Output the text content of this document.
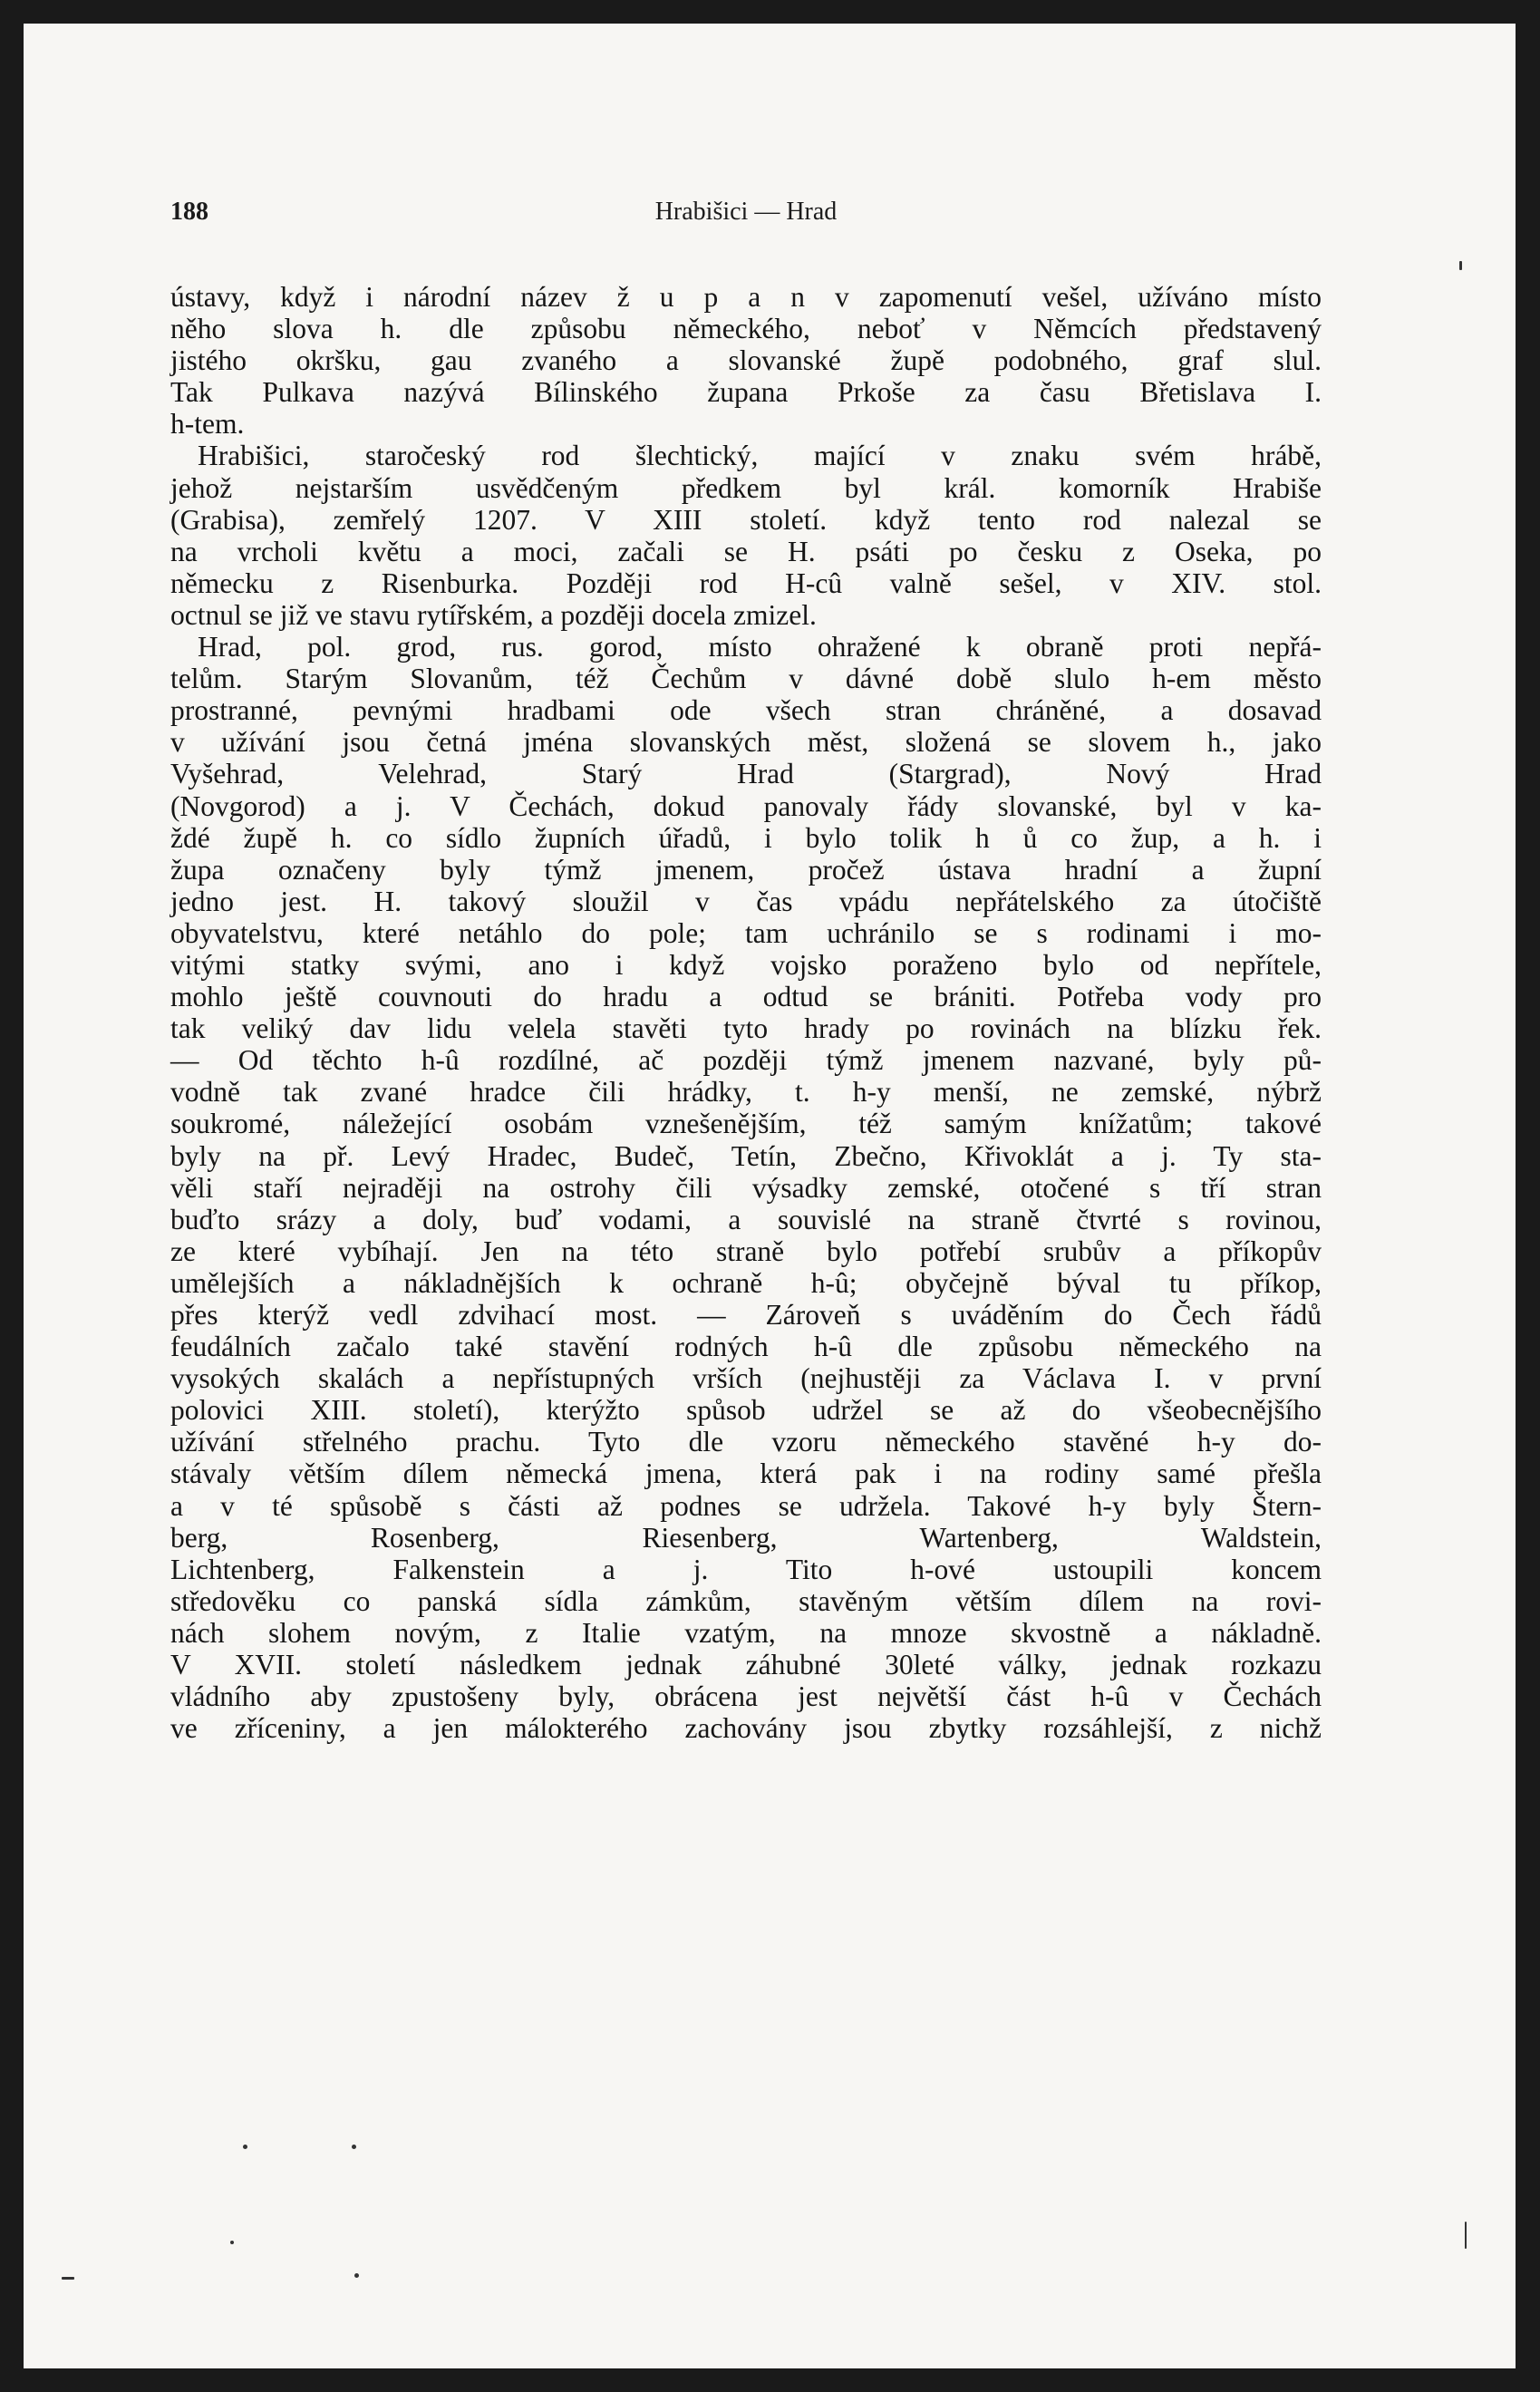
188	Hrabišici — Hrad
ústavy, když i národní název ž u p a n v zapomenutí vešel, užíváno místo
něho slova h. dle způsobu německého, neboť v Němcích představený
jistého okršku, gau zvaného a slovanské župě podobného, graf slul.
Tak Pulkava nazývá Bílinského župana Prkoše za času Břetislava I.
h-tem.
Hrabišici, staročeský rod šlechtický, mající v znaku svém hrábě,
jehož nejstarším usvědčeným předkem byl král. komorník Hrabiše
(Grabisa), zemřelý 1207. V XIII století. když tento rod nalezal se
na vrcholi květu a moci, začali se H. psáti po česku z Oseka, po
německu z Risenburka. Později rod H-cû valně sešel, v XIV. stol.
octnul se již ve stavu rytířském, a později docela zmizel.
Hrad, pol. grod, rus. gorod, místo ohražené k obraně proti nepřá-
telům. Starým Slovanům, též Čechům v dávné době slulo h-em město
prostranné, pevnými hradbami ode všech stran chráněné, a dosavad
v užívání jsou četná jména slovanských měst, složená se slovem h., jako
Vyšehrad, Velehrad, Starý Hrad (Stargrad), Nový Hrad
(Novgorod) a j. V Čechách, dokud panovaly řády slovanské, byl v ka-
ždé župě h. co sídlo župních úřadů, i bylo tolik h ů co žup, a h. i
župa označeny byly týmž jmenem, pročež ústava hradní a župní
jedno jest. H. takový sloužil v čas vpádu nepřátelského za útočiště
obyvatelstvu, které netáhlo do pole; tam uchránilo se s rodinami i mo-
vitými statky svými, ano i když vojsko poraženo bylo od nepřítele,
mohlo ještě couvnouti do hradu a odtud se brániti. Potřeba vody pro
tak veliký dav lidu velela stavěti tyto hrady po rovinách na blízku řek.
— Od těchto h-û rozdílné, ač později týmž jmenem nazvané, byly pů-
vodně tak zvané hradce čili hrádky, t. h-y menší, ne zemské, nýbrž
soukromé, náležející osobám vznešenějším, též samým knížatům; takové
byly na př. Levý Hradec, Budeč, Tetín, Zbečno, Křivoklát a j. Ty sta-
věli staří nejraději na ostrohy čili výsadky zemské, otočené s tří stran
buďto srázy a doly, buď vodami, a souvislé na straně čtvrté s rovinou,
ze které vybíhají. Jen na této straně bylo potřebí srubův a příkopův
umělejších a nákladnějších k ochraně h-û; obyčejně býval tu příkop,
přes kterýž vedl zdvihací most. — Zároveň s uváděním do Čech řádů
feudálních začalo také stavění rodných h-û dle způsobu německého na
vysokých skalách a nepřístupných vrších (nejhustěji za Václava I. v první
polovici XIII. století), kterýžto spůsob udržel se až do všeobecnějšího
užívání střelného prachu. Tyto dle vzoru německého stavěné h-y do-
stávaly větším dílem německá jmena, která pak i na rodiny samé přešla
a v té spůsobě s části až podnes se udržela. Takové h-y byly Štern-
berg, Rosenberg, Riesenberg, Wartenberg, Waldstein,
Lichtenberg, Falkenstein a j. Tito h-ové ustoupili koncem
středověku co panská sídla zámkům, stavěným větším dílem na rovi-
nách slohem novým, z Italie vzatým, na mnoze skvostně a nákladně.
V XVII. století následkem jednak záhubné 30leté války, jednak rozkazu
vládního aby zpustošeny byly, obrácena jest největší část h-û v Čechách
ve zříceniny, a jen málokterého zachovány jsou zbytky rozsáhlejší, z nichž
